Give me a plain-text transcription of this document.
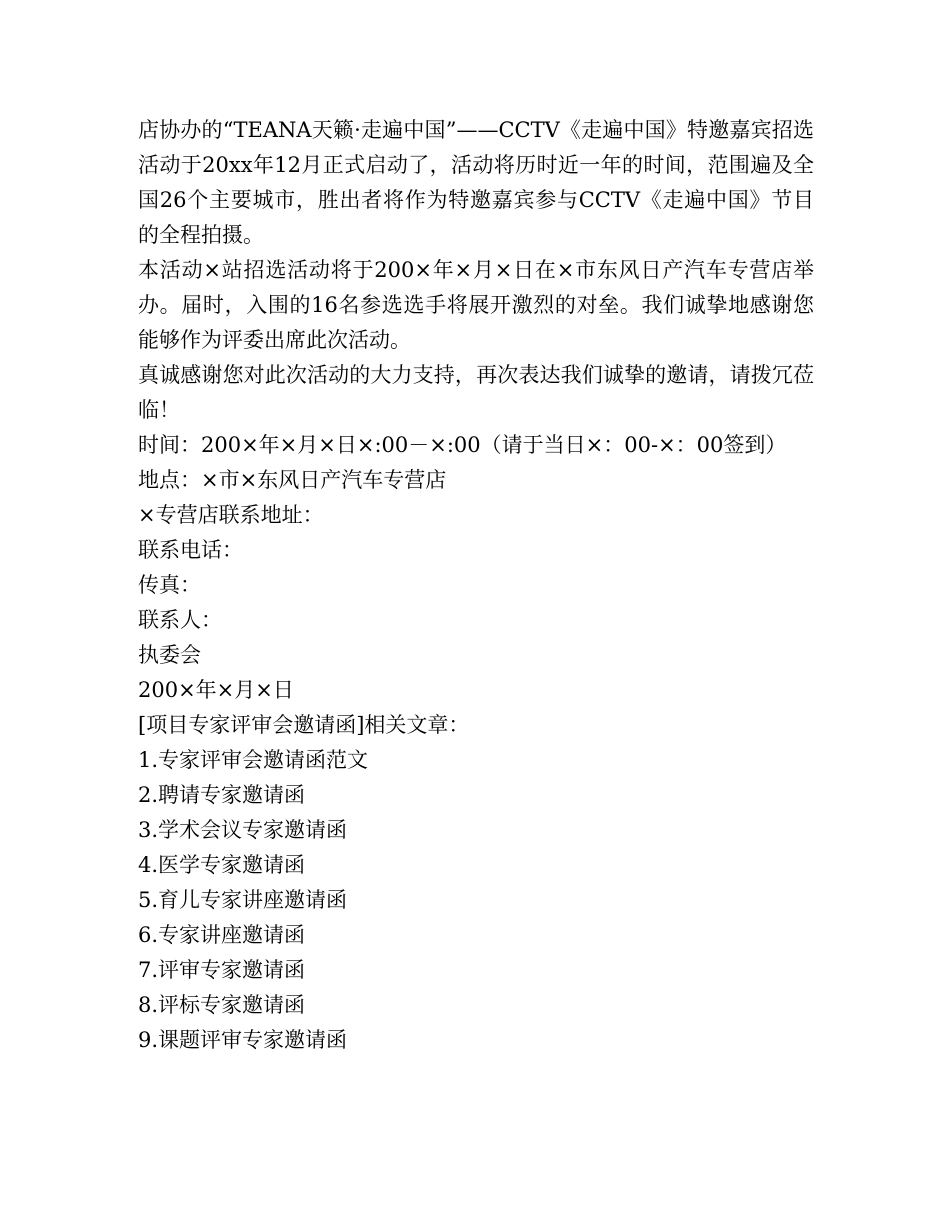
店协办的“TEANA天籁·走遍中国”——CCTV《走遍中国》特邀嘉宾招选活动于20xx年12月正式启动了，活动将历时近一年的时间，范围遍及全国26个主要城市，胜出者将作为特邀嘉宾参与CCTV《走遍中国》节目的全程拍摄。

本活动×站招选活动将于200×年×月×日在×市东风日产汽车专营店举办。届时，入围的16名参选选手将展开激烈的对垒。我们诚挚地感谢您能够作为评委出席此次活动。

真诚感谢您对此次活动的大力支持，再次表达我们诚挚的邀请，请拨冗莅临！

时间：200×年×月×日×:00－×:00（请于当日×：00-×：00签到）

地点：×市×东风日产汽车专营店

×专营店联系地址：

联系电话：

传真：

联系人：

执委会

200×年×月×日

[项目专家评审会邀请函]相关文章：

1.专家评审会邀请函范文
2.聘请专家邀请函
3.学术会议专家邀请函
4.医学专家邀请函
5.育儿专家讲座邀请函
6.专家讲座邀请函
7.评审专家邀请函
8.评标专家邀请函
9.课题评审专家邀请函
